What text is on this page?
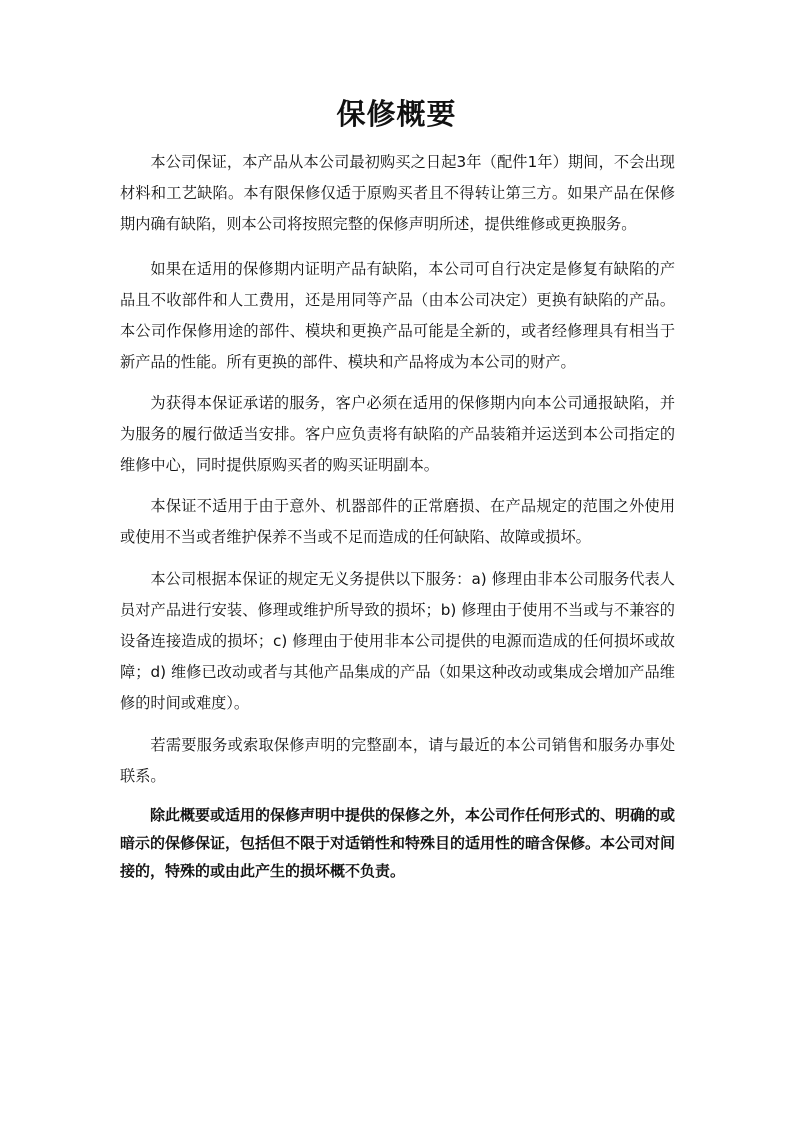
保修概要

本公司保证，本产品从本公司最初购买之日起3年（配件1年）期间，不会出现材料和工艺缺陷。本有限保修仅适于原购买者且不得转让第三方。如果产品在保修期内确有缺陷，则本公司将按照完整的保修声明所述，提供维修或更换服务。

如果在适用的保修期内证明产品有缺陷，本公司可自行决定是修复有缺陷的产品且不收部件和人工费用，还是用同等产品（由本公司决定）更换有缺陷的产品。本公司作保修用途的部件、模块和更换产品可能是全新的，或者经修理具有相当于新产品的性能。所有更换的部件、模块和产品将成为本公司的财产。

为获得本保证承诺的服务，客户必须在适用的保修期内向本公司通报缺陷，并为服务的履行做适当安排。客户应负责将有缺陷的产品装箱并运送到本公司指定的维修中心，同时提供原购买者的购买证明副本。

本保证不适用于由于意外、机器部件的正常磨损、在产品规定的范围之外使用或使用不当或者维护保养不当或不足而造成的任何缺陷、故障或损坏。

本公司根据本保证的规定无义务提供以下服务：a) 修理由非本公司服务代表人员对产品进行安装、修理或维护所导致的损坏；b) 修理由于使用不当或与不兼容的设备连接造成的损坏；c) 修理由于使用非本公司提供的电源而造成的任何损坏或故障；d) 维修已改动或者与其他产品集成的产品（如果这种改动或集成会增加产品维修的时间或难度）。

若需要服务或索取保修声明的完整副本，请与最近的本公司销售和服务办事处联系。

除此概要或适用的保修声明中提供的保修之外，本公司作任何形式的、明确的或暗示的保修保证，包括但不限于对适销性和特殊目的适用性的暗含保修。本公司对间接的，特殊的或由此产生的损坏概不负责。
